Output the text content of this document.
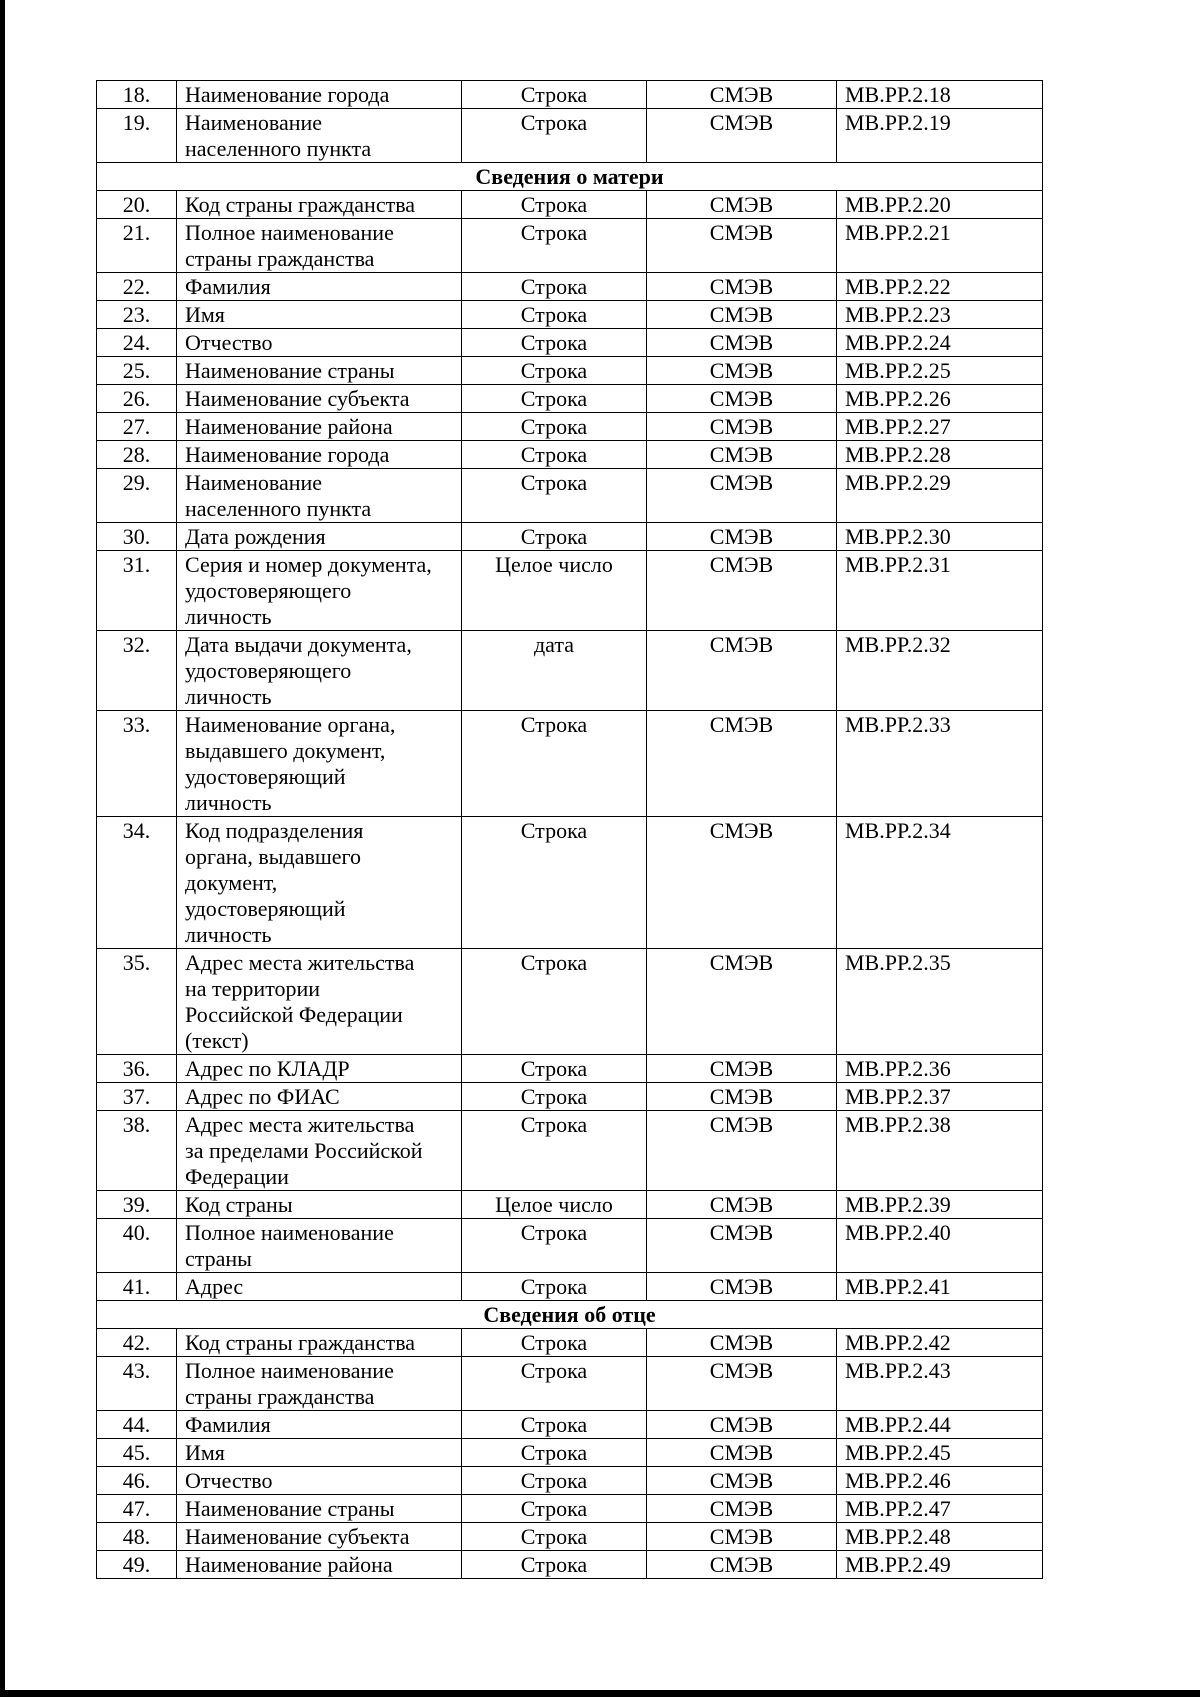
18.	Наименование города	Строка	СМЭВ	MB.PP.2.18
19.	Наименование
населенного пункта	Строка	СМЭВ	MB.PP.2.19
Сведения о матери				
20.	Код страны гражданства	Строка	СМЭВ	MB.PP.2.20
21.	Полное наименование
страны гражданства	Строка	СМЭВ	MB.PP.2.21
22.	Фамилия	Строка	СМЭВ	MB.PP.2.22
23.	Имя	Строка	СМЭВ	MB.PP.2.23
24.	Отчество	Строка	СМЭВ	MB.PP.2.24
25.	Наименование страны	Строка	СМЭВ	MB.PP.2.25
26.	Наименование субъекта	Строка	СМЭВ	MB.PP.2.26
27.	Наименование района	Строка	СМЭВ	MB.PP.2.27
28.	Наименование города	Строка	СМЭВ	MB.PP.2.28
29.	Наименование
населенного пункта	Строка	СМЭВ	MB.PP.2.29
30.	Дата рождения	Строка	СМЭВ	MB.PP.2.30
31.	Серия и номер документа,
удостоверяющего
личность	Целое число	СМЭВ	MB.PP.2.31
32.	Дата выдачи документа,
удостоверяющего
личность	дата	СМЭВ	MB.PP.2.32
33.	Наименование органа,
выдавшего документ,
удостоверяющий
личность	Строка	СМЭВ	MB.PP.2.33
34.	Код подразделения
органа, выдавшего
документ,
удостоверяющий
личность	Строка	СМЭВ	MB.PP.2.34
35.	Адрес места жительства
на территории
Российской Федерации
(текст)	Строка	СМЭВ	MB.PP.2.35
36.	Адрес по КЛАДР	Строка	СМЭВ	MB.PP.2.36
37.	Адрес по ФИАС	Строка	СМЭВ	MB.PP.2.37
38.	Адрес места жительства
за пределами Российской
Федерации	Строка	СМЭВ	MB.PP.2.38
39.	Код страны	Целое число	СМЭВ	MB.PP.2.39
40.	Полное наименование
страны	Строка	СМЭВ	MB.PP.2.40
41.	Адрес	Строка	СМЭВ	MB.PP.2.41
Сведения об отце				
42.	Код страны гражданства	Строка	СМЭВ	MB.PP.2.42
43.	Полное наименование
страны гражданства	Строка	СМЭВ	MB.PP.2.43
44.	Фамилия	Строка	СМЭВ	MB.PP.2.44
45.	Имя	Строка	СМЭВ	MB.PP.2.45
46.	Отчество	Строка	СМЭВ	MB.PP.2.46
47.	Наименование страны	Строка	СМЭВ	MB.PP.2.47
48.	Наименование субъекта	Строка	СМЭВ	MB.PP.2.48
49.	Наименование района	Строка	СМЭВ	MB.PP.2.49
